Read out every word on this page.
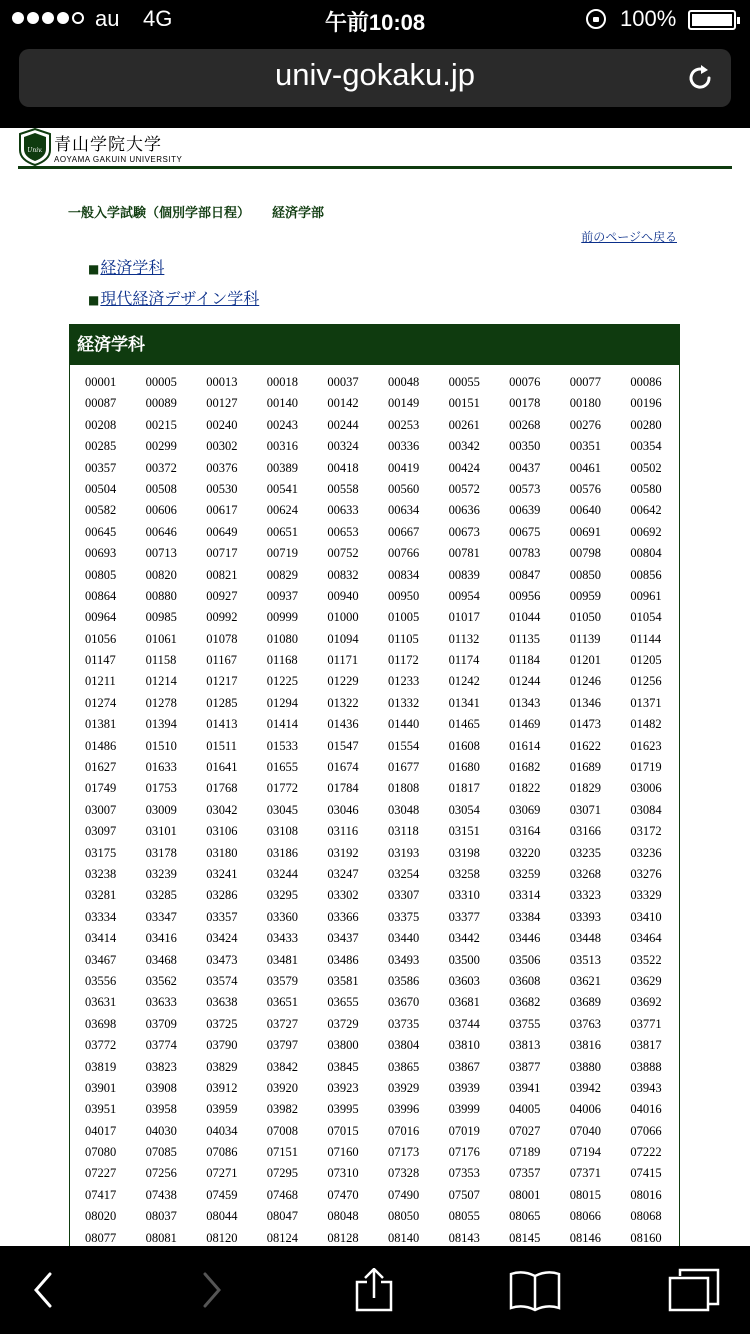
au 4G	午前10:08	100%
univ-gokaku.jp
Univ. 青山学院大学
AOYAMA GAKUIN UNIVERSITY
一般入学試験（個別学部日程） 経済学部
前のページへ戻る
■経済学科
■現代経済デザイン学科
経済学科
00001	00005	00013	00018	00037	00048	00055	00076	00077	00086
00087	00089	00127	00140	00142	00149	00151	00178	00180	00196
00208	00215	00240	00243	00244	00253	00261	00268	00276	00280
00285	00299	00302	00316	00324	00336	00342	00350	00351	00354
00357	00372	00376	00389	00418	00419	00424	00437	00461	00502
00504	00508	00530	00541	00558	00560	00572	00573	00576	00580
00582	00606	00617	00624	00633	00634	00636	00639	00640	00642
00645	00646	00649	00651	00653	00667	00673	00675	00691	00692
00693	00713	00717	00719	00752	00766	00781	00783	00798	00804
00805	00820	00821	00829	00832	00834	00839	00847	00850	00856
00864	00880	00927	00937	00940	00950	00954	00956	00959	00961
00964	00985	00992	00999	01000	01005	01017	01044	01050	01054
01056	01061	01078	01080	01094	01105	01132	01135	01139	01144
01147	01158	01167	01168	01171	01172	01174	01184	01201	01205
01211	01214	01217	01225	01229	01233	01242	01244	01246	01256
01274	01278	01285	01294	01322	01332	01341	01343	01346	01371
01381	01394	01413	01414	01436	01440	01465	01469	01473	01482
01486	01510	01511	01533	01547	01554	01608	01614	01622	01623
01627	01633	01641	01655	01674	01677	01680	01682	01689	01719
01749	01753	01768	01772	01784	01808	01817	01822	01829	03006
03007	03009	03042	03045	03046	03048	03054	03069	03071	03084
03097	03101	03106	03108	03116	03118	03151	03164	03166	03172
03175	03178	03180	03186	03192	03193	03198	03220	03235	03236
03238	03239	03241	03244	03247	03254	03258	03259	03268	03276
03281	03285	03286	03295	03302	03307	03310	03314	03323	03329
03334	03347	03357	03360	03366	03375	03377	03384	03393	03410
03414	03416	03424	03433	03437	03440	03442	03446	03448	03464
03467	03468	03473	03481	03486	03493	03500	03506	03513	03522
03556	03562	03574	03579	03581	03586	03603	03608	03621	03629
03631	03633	03638	03651	03655	03670	03681	03682	03689	03692
03698	03709	03725	03727	03729	03735	03744	03755	03763	03771
03772	03774	03790	03797	03800	03804	03810	03813	03816	03817
03819	03823	03829	03842	03845	03865	03867	03877	03880	03888
03901	03908	03912	03920	03923	03929	03939	03941	03942	03943
03951	03958	03959	03982	03995	03996	03999	04005	04006	04016
04017	04030	04034	07008	07015	07016	07019	07027	07040	07066
07080	07085	07086	07151	07160	07173	07176	07189	07194	07222
07227	07256	07271	07295	07310	07328	07353	07357	07371	07415
07417	07438	07459	07468	07470	07490	07507	08001	08015	08016
08020	08037	08044	08047	08048	08050	08055	08065	08066	08068
08077	08081	08120	08124	08128	08140	08143	08145	08146	08160
